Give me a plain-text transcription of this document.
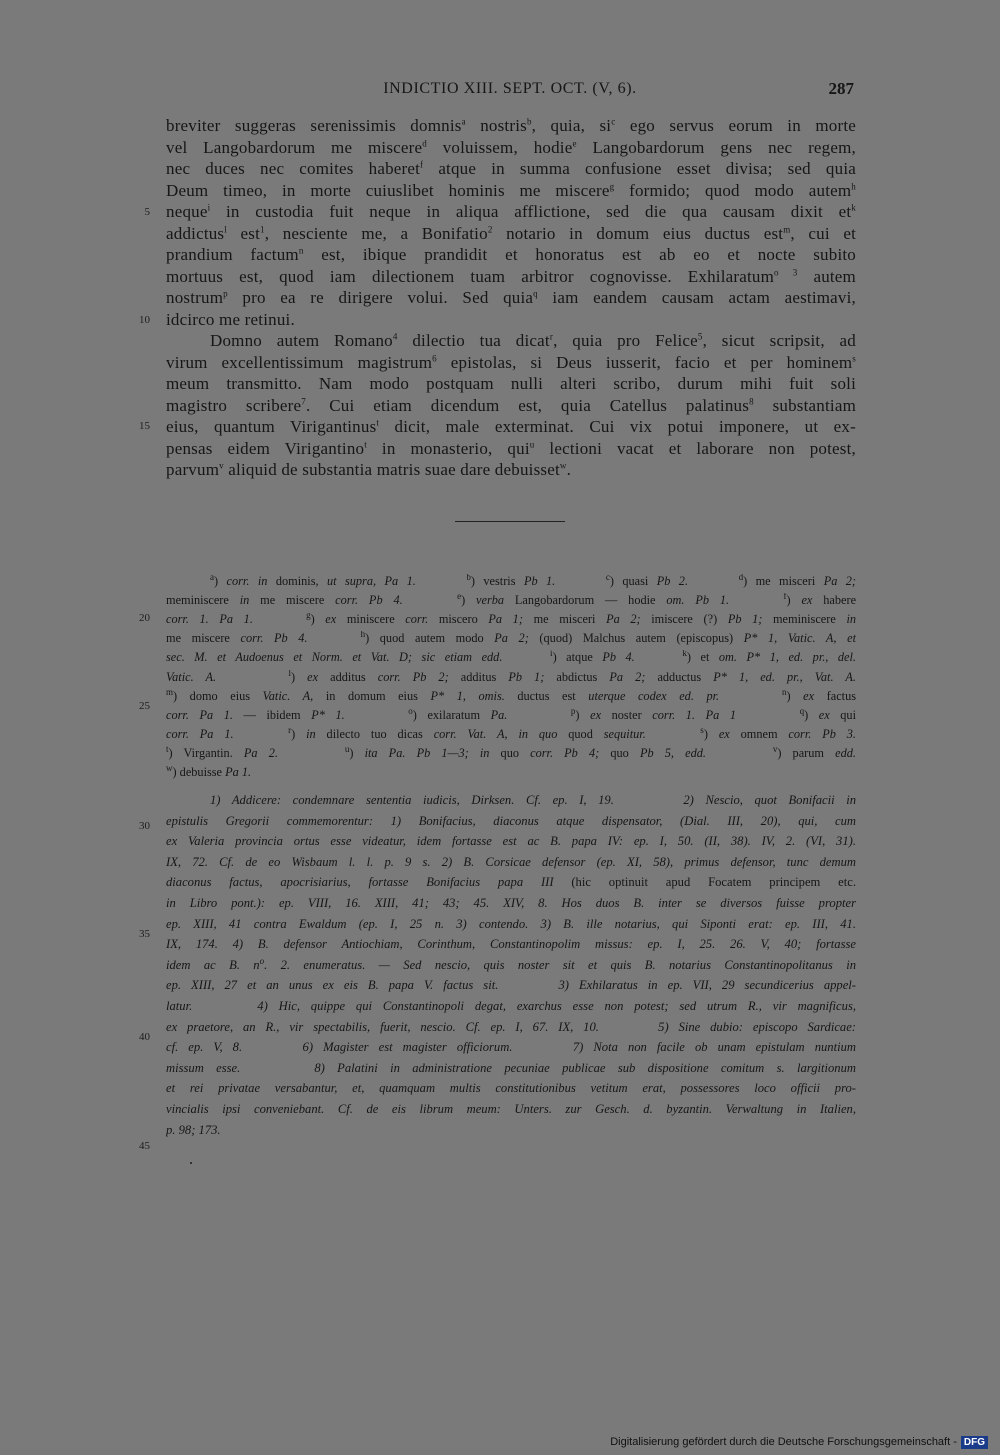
INDICTIO XIII. SEPT. OCT. (V, 6).	287
breviter suggeras serenissimis domnis$^a$ nostris$^b$, quia, $si^c$ ego servus eorum in morte
vel Langobardorum me miscere$^d$ voluissem, hodie$^e$ Langobardorum gens nec regem,
nec duces nec comites haberet$^f$ atque in summa confusione esset divisa; sed quia
Deum timeo, in morte cuiuslibet hominis me miscere$^g$ formido; quod modo autem$^h$
neque$^i$ in custodia fuit neque in aliqua afflictione, sed die qua causam dixit $et^k$
addictus$^l$ est$^1$, nesciente me, a Bonifatio$^2$ notario in domum eius ductus est$^m$, cui et
prandium factum$^n$ est, ibique prandidit et honoratus est ab eo et nocte subito
mortuus est, quod iam dilectionem tuam arbitror cognovisse. Exhilaratum$^{o 3}$ autem
nostrum$^p$ pro ea re dirigere volui. Sed quia$^q$ iam eandem causam actam aestimavi,
idcirco me retinui.
Domno autem Romano$^4$ dilectio tua dicat$^r$, quia pro Felice$^5$, sicut scripsit, ad
virum excellentissimum magistrum$^6$ epistolas, si Deus iusserit, facio et per hominem$^s$
meum transmitto. Nam modo postquam nulli alteri scribo, durum mihi fuit soli
magistro scribere$^7$. Cui etiam dicendum est, quia Catellus palatinus$^8$ substantiam
eius, quantum Virigantinus$^t$ dicit, male exterminat. Cui vix potui imponere, ut ex-
pensas eidem Virigantino$^t$ in monasterio, qui$^u$ lectioni vacat et laborare non potest,
parvum$^v$ aliquid de substantia matris suae dare debuisset$^w$.
$^a$) corr. in dominis, ut supra, Pa 1.	$^b$) vestris Pb 1.	$^c$) quasi Pb 2.	$^d$) me misceri Pa 2;
meminiscere in me miscere corr. Pb 4.	$^e$) verba Langobardorum — hodie om. Pb 1.	$^f$) ex habere
corr. 1. Pa 1.	$^g$) ex miniscere corr. miscero Pa 1; me misceri Pa 2; imiscere (?) Pb 1; meminiscere in
me miscere corr. Pb 4.	$^h$) quod autem modo Pa 2; (quod) Malchus autem (episcopus) P* 1, Vatic. A, et
sec. M. et Audoenus et Norm. et Vat. D; sic etiam edd.	$^i$) atque Pb 4.	$^k$) et om. P* 1, ed. pr., del.
Vatic. A.	$^l$) ex additus corr. Pb 2; additus Pb 1; abdictus Pa 2; adductus P* 1, ed. pr., Vat. A.
$^m$) domo eius Vatic. A, in domum eius P* 1, omis. ductus est uterque codex ed. pr.	$^n$) ex factus
corr. Pa 1. — ibidem P* 1.	$^o$) exilaratum Pa.	$^p$) ex noster corr. 1. Pa 1	$^q$) ex qui
corr. Pa 1.	$^r$) in dilecto tuo dicas corr. Vat. A, in quo quod sequitur.	$^s$) ex omnem corr. Pb 3.
$^t$) Virgantin. Pa 2.	$^u$) ita Pa. Pb 1—3; in quo corr. Pb 4; quo Pb 5, edd.	$^v$) parum edd.
$^w$) debuisse Pa 1.
1) Addicere: condemnare sententia iudicis, Dirksen. Cf. ep. I, 19.      2) Nescio, quot Bonifacii in
epistulis Gregorii commemorentur: 1) Bonifacius, diaconus atque dispensator, (Dial. III, 20), qui, cum
ex Valeria provincia ortus esse videatur, idem fortasse est ac B. papa IV: ep. I, 50. (II, 38). IV, 2. (VI, 31).
IX, 72. Cf. de eo Wisbaum l. l. p. 9 s. 2) B. Corsicae defensor (ep. XI, 58), primus defensor, tunc demum
diaconus factus, apocrisiarius, fortasse Bonifacius papa III (hic optinuit apud Focatem principem etc.
in Libro pont.): ep. VIII, 16. XIII, 41; 43; 45. XIV, 8. Hos duos B. inter se diversos fuisse propter
ep. XIII, 41 contra Ewaldum (ep. I, 25 n. 3) contendo. 3) B. ille notarius, qui Siponti erat: ep. III, 41.
IX, 174. 4) B. defensor Antiochiam, Corinthum, Constantinopolim missus: ep. I, 25. 26. V, 40; fortasse
idem ac B. $n^o$. 2. enumeratus. — Sed nescio, quis noster sit et quis B. notarius Constantinopolitanus in
ep. XIII, 27 et an unus ex eis B. papa V. factus sit.      3) Exhilaratus in ep. VII, 29 secundicerius appel-
latur.      4) Hic, quippe qui Constantinopoli degat, exarchus esse non potest; sed utrum R., vir magnificus,
ex praetore, an R., vir spectabilis, fuerit, nescio. Cf. ep. I, 67. IX, 10.      5) Sine dubio: episcopo Sardicae:
cf. ep. V, 8.      6) Magister est magister officiorum.      7) Nota non facile ob unam epistulam nuntium
missum esse.      8) Palatini in administratione pecuniae publicae sub dispositione comitum s. largitionum
et rei privatae versabantur, et, quamquam multis constitutionibus vetitum erat, possessores loco officii pro-
vincialis ipsi conveniebant. Cf. de eis librum meum: Unters. zur Gesch. d. byzantin. Verwaltung in Italien,
p. 98; 173.
5
10
15
20
25
30
35
40
45
Digitalisierung gefördert durch die Deutsche Forschungsgemeinschaft - DFG
